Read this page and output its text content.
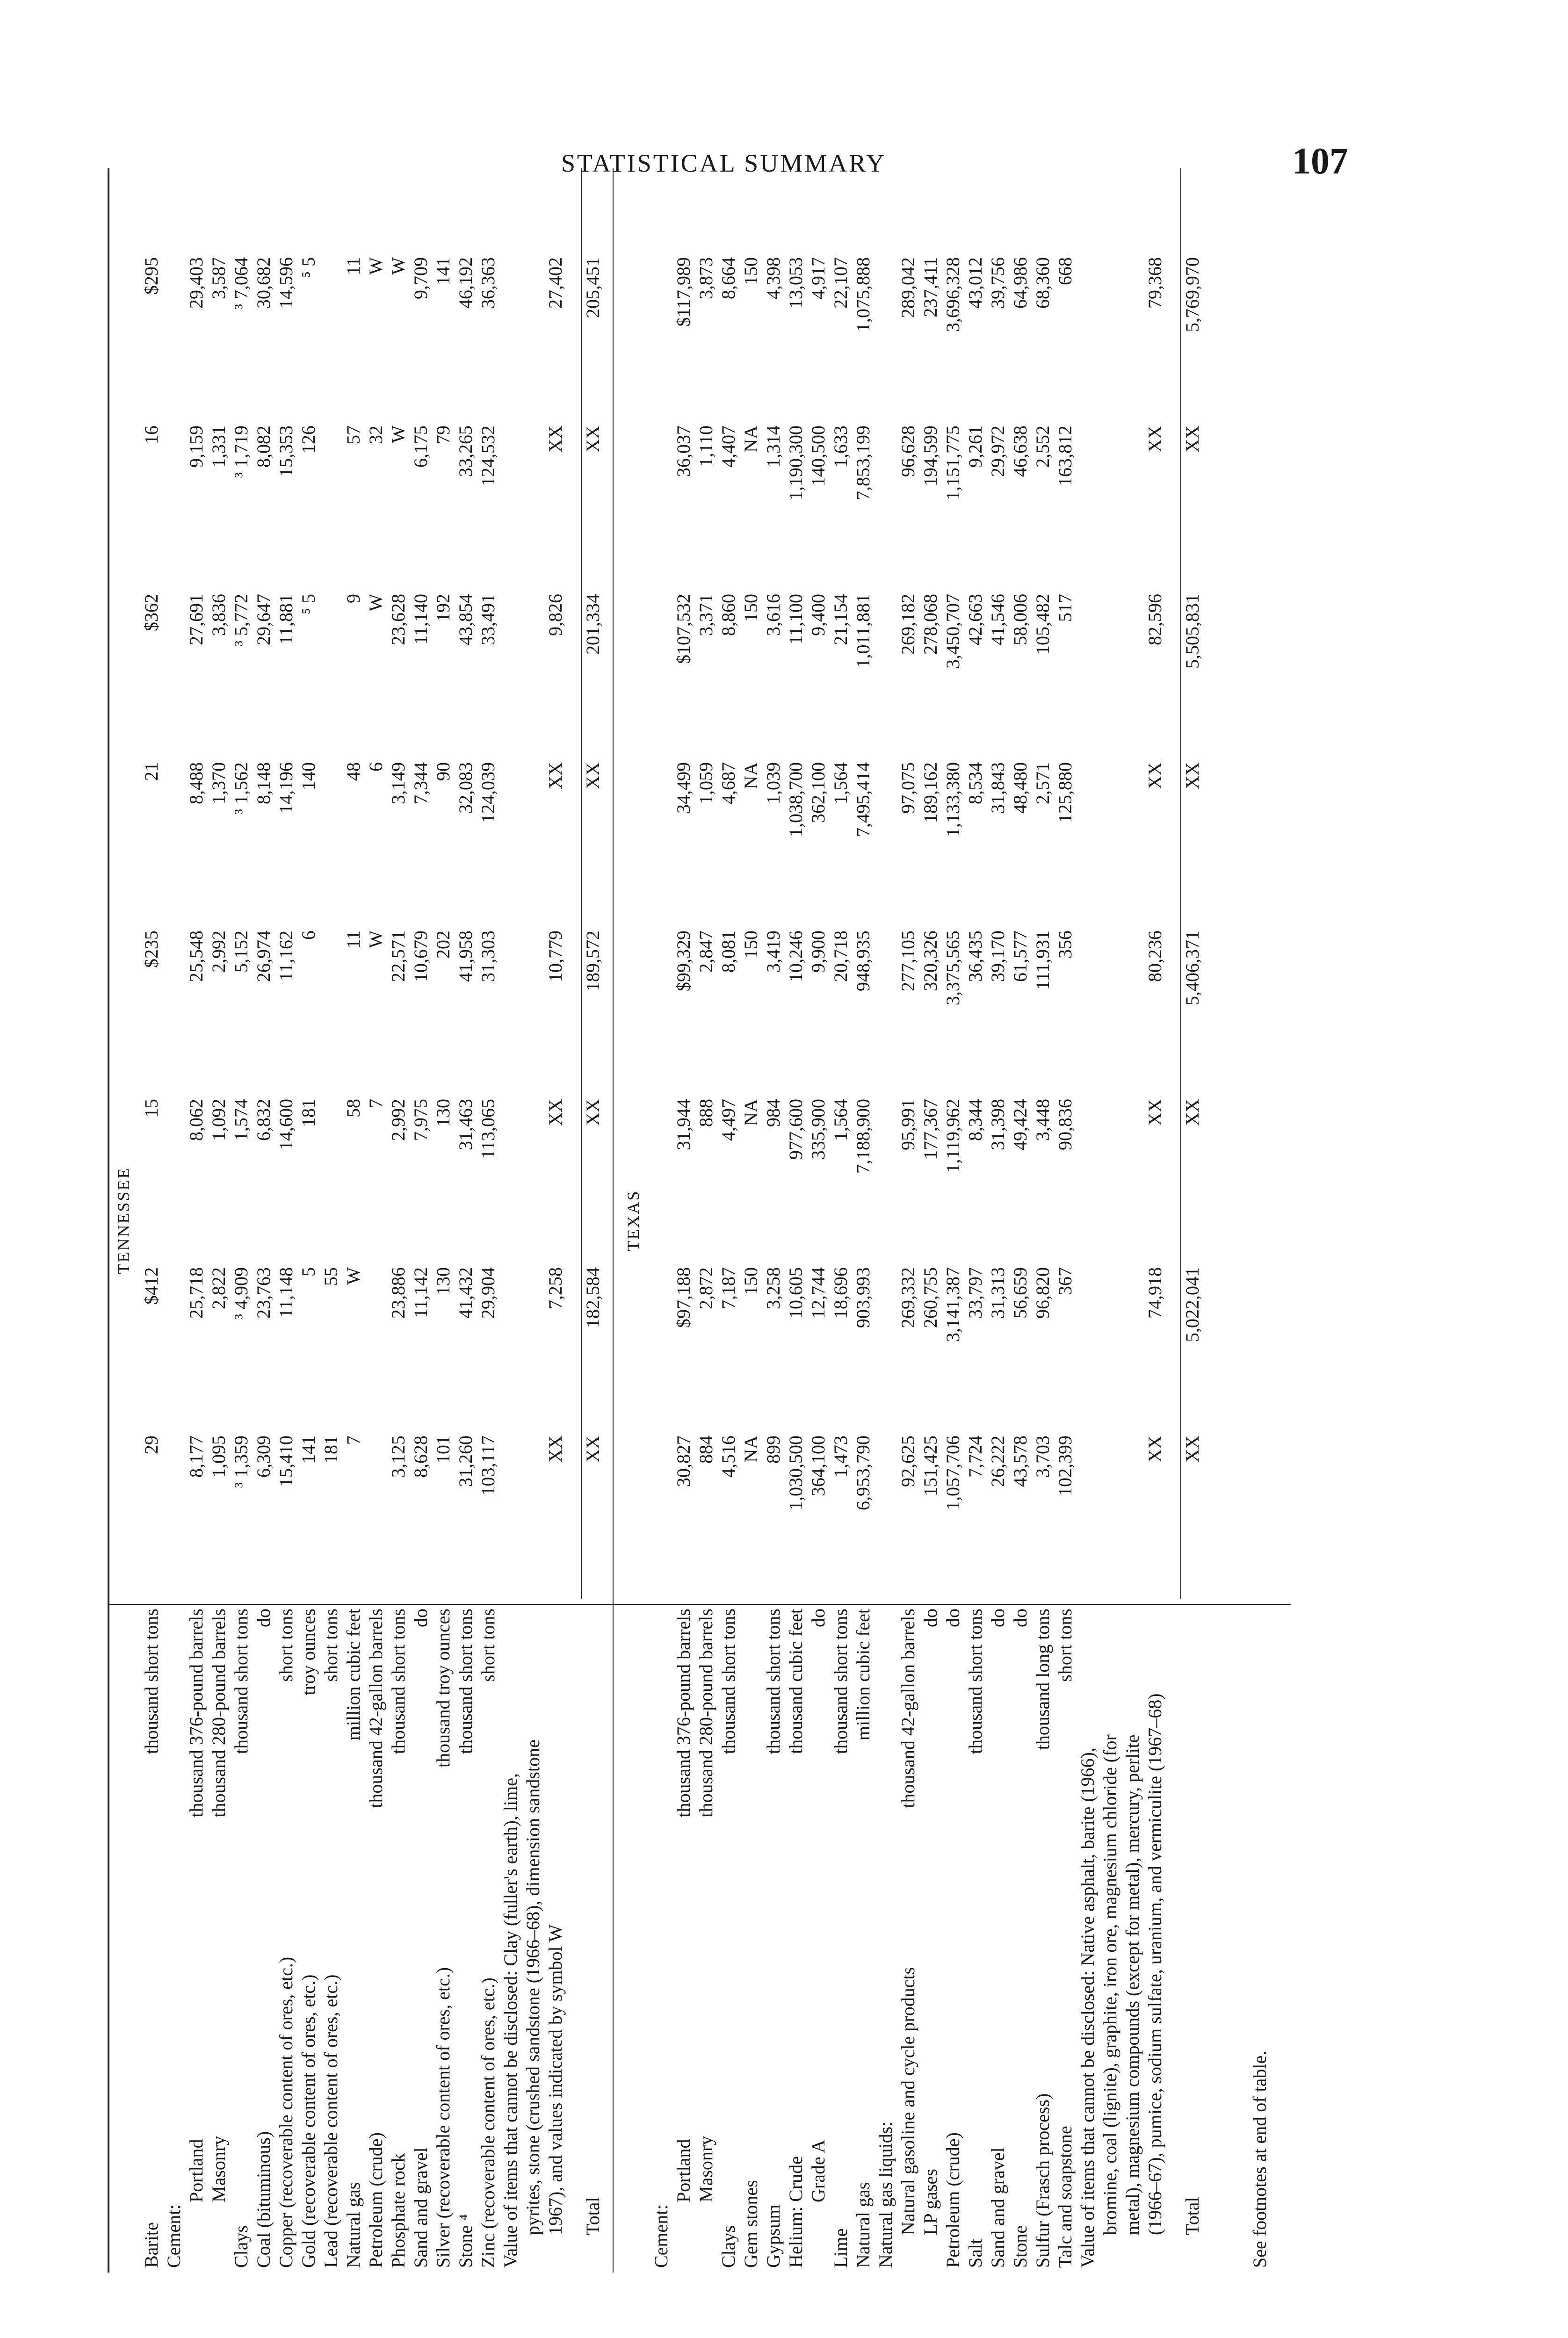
STATISTICAL SUMMARY	107
TENNESSEE
Barite
thousand short tons
29
$412
15
$235
21
$362
16
$295
Cement:
Portland
thousand 376-pound barrels
8,177
25,718
8,062
25,548
8,488
27,691
9,159
29,403
Masonry
thousand 280-pound barrels
1,095
2,822
1,092
2,992
1,370
3,836
1,331
3,587
Clays
thousand short tons
³ 1,359
³ 4,909
1,574
5,152
³ 1,562
³ 5,772
³ 1,719
³ 7,064
Coal (bituminous)
do
6,309
23,763
6,832
26,974
8,148
29,647
8,082
30,682
Copper (recoverable content of ores, etc.)
short tons
15,410
11,148
14,600
11,162
14,196
11,881
15,353
14,596
Gold (recoverable content of ores, etc.)
troy ounces
141
5
181
6
140
⁵ 5
126
⁵ 5
Lead (recoverable content of ores, etc.)
short tons
181
55
Natural gas
million cubic feet
7
W
58
11
48
9
57
11
Petroleum (crude)
thousand 42-gallon barrels
7
W
6
W
32
W
Phosphate rock
thousand short tons
3,125
23,886
2,992
22,571
3,149
23,628
W
W
Sand and gravel
do
8,628
11,142
7,975
10,679
7,344
11,140
6,175
9,709
Silver (recoverable content of ores, etc.)
thousand troy ounces
101
130
130
202
90
192
79
141
Stone ⁴
thousand short tons
31,260
41,432
31,463
41,958
32,083
43,854
33,265
46,192
Zinc (recoverable content of ores, etc.)
short tons
103,117
29,904
113,065
31,303
124,039
33,491
124,532
36,363
Value of items that cannot be disclosed: Clay (fuller's earth), lime, pyrites, stone (crushed sandstone (1966–68), dimension sandstone 1967), and values indicated by symbol W
XX
7,258
XX
10,779
XX
9,826
XX
27,402
Total
XX
182,584
XX
189,572
XX
201,334
XX
205,451
TEXAS
Cement:
Portland
thousand 376-pound barrels
30,827
$97,188
31,944
$99,329
34,499
$107,532
36,037
$117,989
Masonry
thousand 280-pound barrels
884
2,872
888
2,847
1,059
3,371
1,110
3,873
Clays
thousand short tons
4,516
7,187
4,497
8,081
4,687
8,860
4,407
8,664
Gem stones
NA
150
NA
150
NA
150
NA
150
Gypsum
thousand short tons
899
3,258
984
3,419
1,039
3,616
1,314
4,398
Helium: Crude
thousand cubic feet
1,030,500
10,605
977,600
10,246
1,038,700
11,100
1,190,300
13,053
Grade A
do
364,100
12,744
335,900
9,900
362,100
9,400
140,500
4,917
Lime
thousand short tons
1,473
18,696
1,564
20,718
1,564
21,154
1,633
22,107
Natural gas
million cubic feet
6,953,790
903,993
7,188,900
948,935
7,495,414
1,011,881
7,853,199
1,075,888
Natural gas liquids: Natural gasoline and cycle products
thousand 42-gallon barrels
92,625
269,332
95,991
277,105
97,075
269,182
96,628
289,042
LP gases
do
151,425
260,755
177,367
320,326
189,162
278,068
194,599
237,411
Petroleum (crude)
do
1,057,706
3,141,387
1,119,962
3,375,565
1,133,380
3,450,707
1,151,775
3,696,328
Salt
thousand short tons
7,724
33,797
8,344
36,435
8,534
42,663
9,261
43,012
Sand and gravel
do
26,222
31,313
31,398
39,170
31,843
41,546
29,972
39,756
Stone
do
43,578
56,659
49,424
61,577
48,480
58,006
46,638
64,986
Sulfur (Frasch process)
thousand long tons
3,703
96,820
3,448
111,931
2,571
105,482
2,552
68,360
Talc and soapstone
short tons
102,399
367
90,836
356
125,880
517
163,812
668
Value of items that cannot be disclosed: Native asphalt, barite (1966), bromine, coal (lignite), graphite, iron ore, magnesium chloride (for metal), magnesium compounds (except for metal), mercury, perlite (1966–67), pumice, sodium sulfate, uranium, and vermiculite (1967–68)
XX
74,918
XX
80,236
XX
82,596
XX
79,368
Total
XX
5,022,041
XX
5,406,371
XX
5,505,831
XX
5,769,970
See footnotes at end of table.
